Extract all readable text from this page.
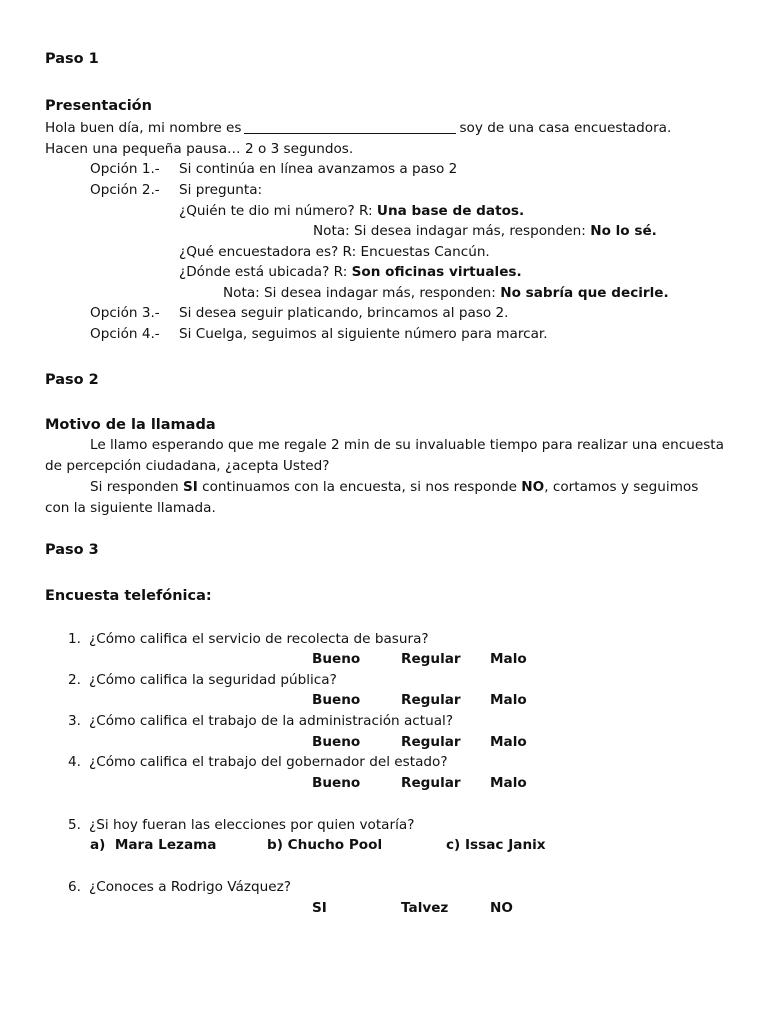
Paso 1
Presentación
Hola buen día, mi nombre es	soy de una casa encuestadora.
Hacen una pequeña pausa… 2 o 3 segundos.
Opción 1.- Si continúa en línea avanzamos a paso 2
Opción 2.- Si pregunta:
¿Quién te dio mi número? R: Una base de datos.
Nota: Si desea indagar más, responden: No lo sé.
¿Qué encuestadora es? R: Encuestas Cancún.
¿Dónde está ubicada? R: Son oficinas virtuales.
Nota: Si desea indagar más, responden: No sabría que decirle.
Opción 3.- Si desea seguir platicando, brincamos al paso 2.
Opción 4.- Si Cuelga, seguimos al siguiente número para marcar.
Paso 2
Motivo de la llamada
Le llamo esperando que me regale 2 min de su invaluable tiempo para realizar una encuesta de percepción ciudadana, ¿acepta Usted?
Si responden SI continuamos con la encuesta, si nos responde NO, cortamos y seguimos con la siguiente llamada.
Paso 3
Encuesta telefónica:
1. ¿Cómo califica el servicio de recolecta de basura?
Bueno	Regular Malo
2. ¿Cómo califica la seguridad pública?
Bueno	Regular Malo
3. ¿Cómo califica el trabajo de la administración actual?
Bueno	Regular Malo
4. ¿Cómo califica el trabajo del gobernador del estado?
Bueno	Regular Malo
5. ¿Si hoy fueran las elecciones por quien votaría?
a)  Mara Lezama	b) Chucho Pool	c) Issac Janix
6. ¿Conoces a Rodrigo Vázquez?
SI	Talvez	NO
